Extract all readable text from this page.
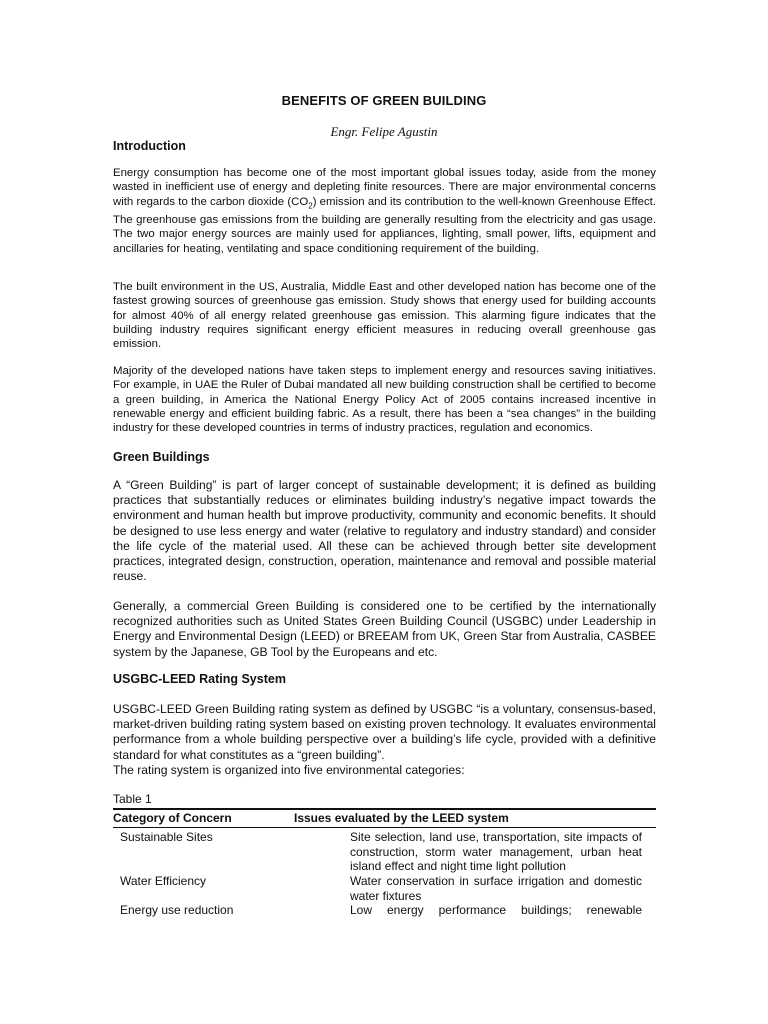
BENEFITS OF GREEN BUILDING
Engr. Felipe Agustin
Introduction

Energy consumption has become one of the most important global issues today, aside from the money wasted in inefficient use of energy and depleting finite resources. There are major environmental concerns with regards to the carbon dioxide $(CO_2)$ emission and its contribution to the well-known Greenhouse Effect. The greenhouse gas emissions from the building are generally resulting from the electricity and gas usage. The two major energy sources are mainly used for appliances, lighting, small power, lifts, equipment and ancillaries for heating, ventilating and space conditioning requirement of the building.

The built environment in the US, Australia, Middle East and other developed nation has become one of the fastest growing sources of greenhouse gas emission. Study shows that energy used for building accounts for almost 40% of all energy related greenhouse gas emission. This alarming figure indicates that the building industry requires significant energy efficient measures in reducing overall greenhouse gas emission.

Majority of the developed nations have taken steps to implement energy and resources saving initiatives. For example, in UAE the Ruler of Dubai mandated all new building construction shall be certified to become a green building, in America the National Energy Policy Act of 2005 contains increased incentive in renewable energy and efficient building fabric. As a result, there has been a “sea changes” in the building industry for these developed countries in terms of industry practices, regulation and economics.

Green Buildings

A “Green Building” is part of larger concept of sustainable development; it is defined as building practices that substantially reduces or eliminates building industry’s negative impact towards the environment and human health but improve productivity, community and economic benefits. It should be designed to use less energy and water (relative to regulatory and industry standard) and consider the life cycle of the material used. All these can be achieved through better site development practices, integrated design, construction, operation, maintenance and removal and possible material reuse.

Generally, a commercial Green Building is considered one to be certified by the internationally recognized authorities such as United States Green Building Council (USGBC) under Leadership in Energy and Environmental Design (LEED) or BREEAM from UK, Green Star from Australia, CASBEE system by the Japanese, GB Tool by the Europeans and etc.

USGBC-LEED Rating System

USGBC-LEED Green Building rating system as defined by USGBC “is a voluntary, consensus-based, market-driven building rating system based on existing proven technology. It evaluates environmental performance from a whole building perspective over a building’s life cycle, provided with a definitive standard for what constitutes as a “green building”.

The rating system is organized into five environmental categories:

Table 1
Category of Concern	Issues evaluated by the LEED system
Sustainable Sites	Site selection, land use, transportation, site impacts of construction, storm water management, urban heat island effect and night time light pollution
Water Efficiency	Water conservation in surface irrigation and domestic water fixtures
Energy use reduction	Low energy performance buildings; renewable
